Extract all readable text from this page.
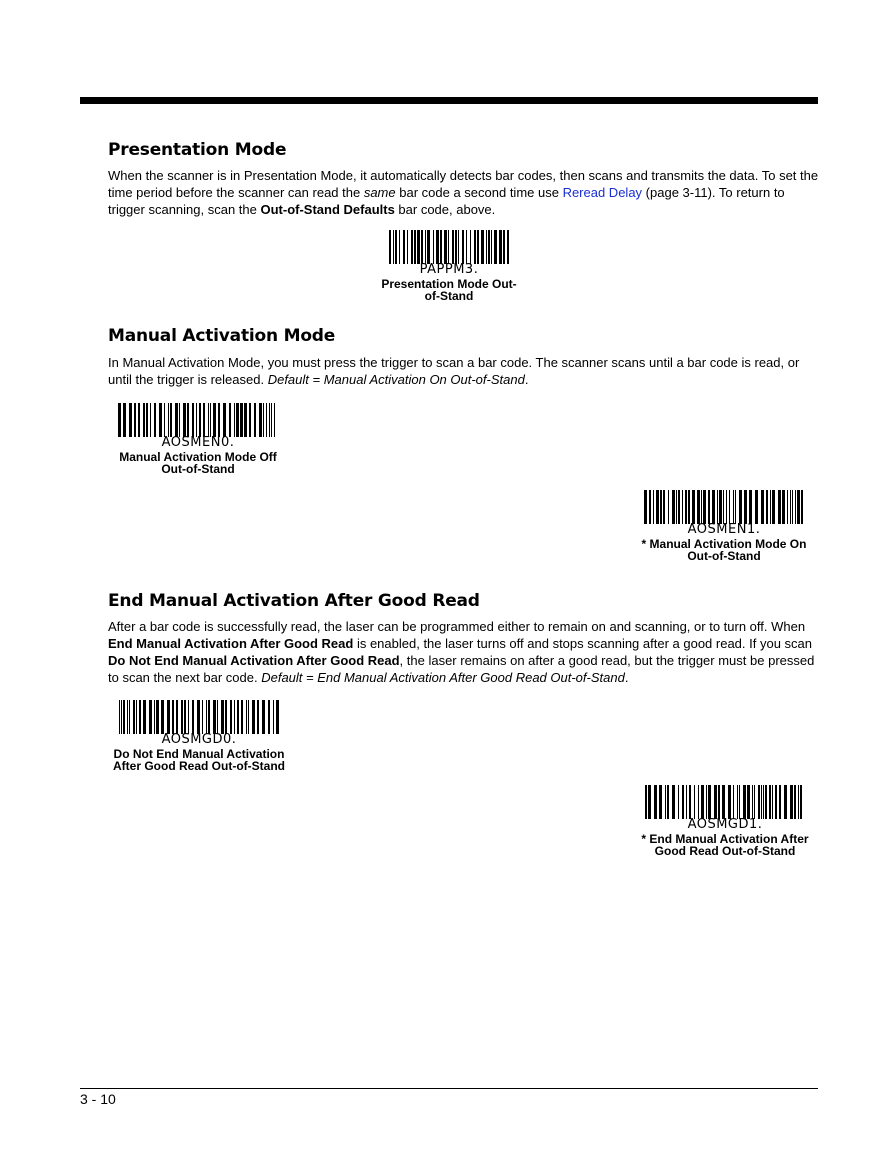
Presentation Mode

When the scanner is in Presentation Mode, it automatically detects bar codes, then scans and transmits the data. To set the time period before the scanner can read the same bar code a second time use Reread Delay (page 3-11). To return to trigger scanning, scan the Out-of-Stand Defaults bar code, above.

PAPPM3.
Presentation Mode Out-
of-Stand
Manual Activation Mode

In Manual Activation Mode, you must press the trigger to scan a bar code. The scanner scans until a bar code is read, or until the trigger is released. Default = Manual Activation On Out-of-Stand.

AOSMEN0.
Manual Activation Mode Off
Out-of-Stand
AOSMEN1.
* Manual Activation Mode On
Out-of-Stand
End Manual Activation After Good Read

After a bar code is successfully read, the laser can be programmed either to remain on and scanning, or to turn off. When End Manual Activation After Good Read is enabled, the laser turns off and stops scanning after a good read. If you scan Do Not End Manual Activation After Good Read, the laser remains on after a good read, but the trigger must be pressed to scan the next bar code. Default = End Manual Activation After Good Read Out-of-Stand.

AOSMGD0.
Do Not End Manual Activation
After Good Read Out-of-Stand
AOSMGD1.
* End Manual Activation After
Good Read Out-of-Stand
3 - 10
